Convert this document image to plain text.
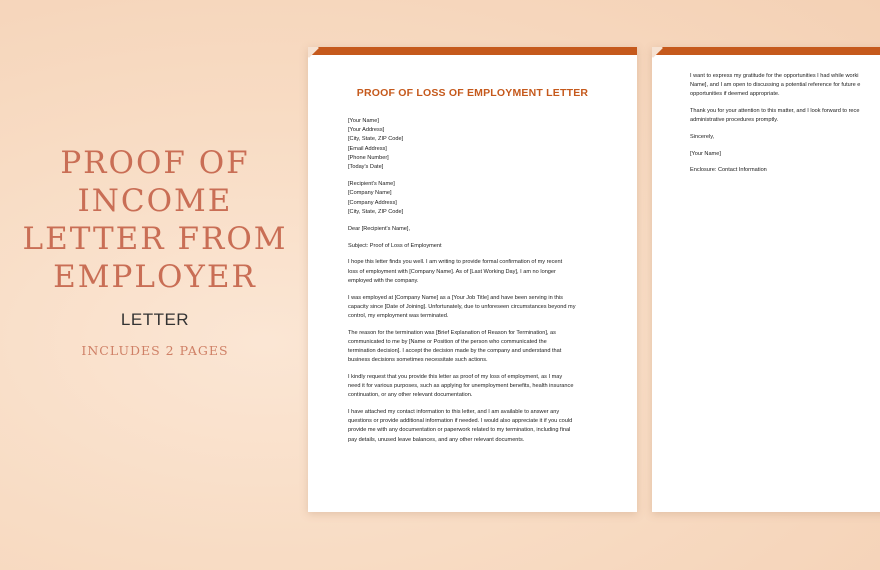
PROOF OF INCOME LETTER FROM EMPLOYER
LETTER
INCLUDES 2 PAGES
PROOF OF LOSS OF EMPLOYMENT LETTER
[Your Name]
[Your Address]
[City, State, ZIP Code]
[Email Address]
[Phone Number]
[Today's Date]
[Recipient's Name]
[Company Name]
[Company Address]
[City, State, ZIP Code]
Dear [Recipient's Name],
Subject: Proof of Loss of Employment
I hope this letter finds you well. I am writing to provide formal confirmation of my recent
loss of employment with [Company Name]. As of [Last Working Day], I am no longer
employed with the company.
I was employed at [Company Name] as a [Your Job Title] and have been serving in this
capacity since [Date of Joining]. Unfortunately, due to unforeseen circumstances beyond my
control, my employment was terminated.
The reason for the termination was [Brief Explanation of Reason for Termination], as
communicated to me by [Name or Position of the person who communicated the
termination decision]. I accept the decision made by the company and understand that
business decisions sometimes necessitate such actions.
I kindly request that you provide this letter as proof of my loss of employment, as I may
need it for various purposes, such as applying for unemployment benefits, health insurance
continuation, or any other relevant documentation.
I have attached my contact information to this letter, and I am available to answer any
questions or provide additional information if needed. I would also appreciate it if you could
provide me with any documentation or paperwork related to my termination, including final
pay details, unused leave balances, and any other relevant documents.
I want to express my gratitude for the opportunities I had while worki
Name], and I am open to discussing a potential reference for future e
opportunities if deemed appropriate.
Thank you for your attention to this matter, and I look forward to rece
administrative procedures promptly.
Sincerely,
[Your Name]
Enclosure: Contact Information
